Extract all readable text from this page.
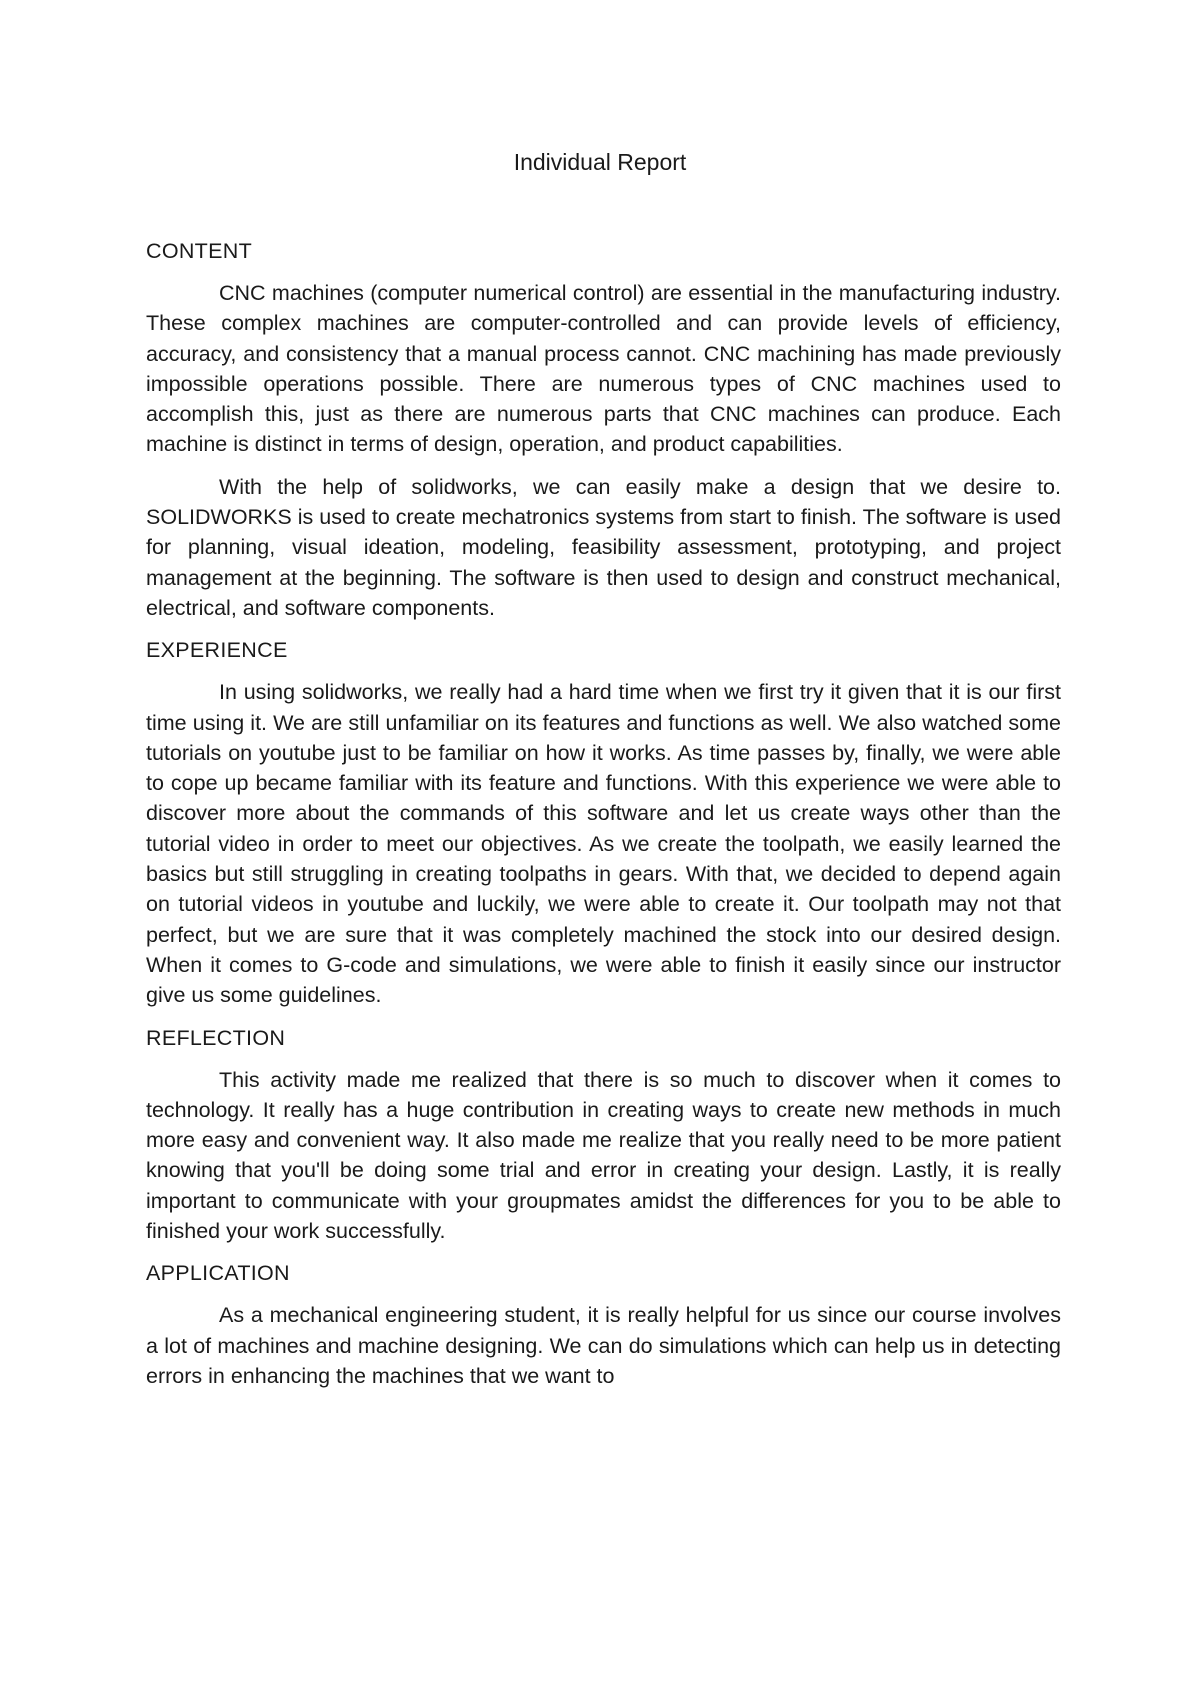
Individual Report
CONTENT

CNC machines (computer numerical control) are essential in the manufacturing industry. These complex machines are computer-controlled and can provide levels of efficiency, accuracy, and consistency that a manual process cannot. CNC machining has made previously impossible operations possible. There are numerous types of CNC machines used to accomplish this, just as there are numerous parts that CNC machines can produce. Each machine is distinct in terms of design, operation, and product capabilities.

With the help of solidworks, we can easily make a design that we desire to. SOLIDWORKS is used to create mechatronics systems from start to finish. The software is used for planning, visual ideation, modeling, feasibility assessment, prototyping, and project management at the beginning. The software is then used to design and construct mechanical, electrical, and software components.

EXPERIENCE

In using solidworks, we really had a hard time when we first try it given that it is our first time using it. We are still unfamiliar on its features and functions as well. We also watched some tutorials on youtube just to be familiar on how it works. As time passes by, finally, we were able to cope up became familiar with its feature and functions. With this experience we were able to discover more about the commands of this software and let us create ways other than the tutorial video in order to meet our objectives. As we create the toolpath, we easily learned the basics but still struggling in creating toolpaths in gears. With that, we decided to depend again on tutorial videos in youtube and luckily, we were able to create it. Our toolpath may not that perfect, but we are sure that it was completely machined the stock into our desired design. When it comes to G-code and simulations, we were able to finish it easily since our instructor give us some guidelines.

REFLECTION

This activity made me realized that there is so much to discover when it comes to technology. It really has a huge contribution in creating ways to create new methods in much more easy and convenient way. It also made me realize that you really need to be more patient knowing that you'll be doing some trial and error in creating your design. Lastly, it is really important to communicate with your groupmates amidst the differences for you to be able to finished your work successfully.

APPLICATION

As a mechanical engineering student, it is really helpful for us since our course involves a lot of machines and machine designing. We can do simulations which can help us in detecting errors in enhancing the machines that we want to
